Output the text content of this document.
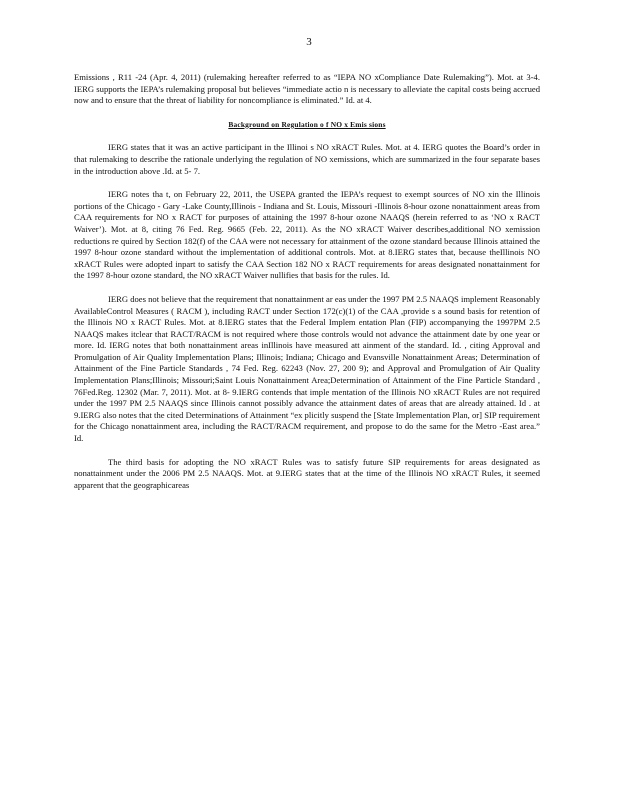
3

Emissions , R11 -24 (Apr. 4, 2011) (rulemaking hereafter referred to as “IEPA NO xCompliance Date Rulemaking”). Mot. at 3-4. IERG supports the IEPA’s rulemaking proposal but believes “immediate actio n is necessary to alleviate the capital costs being accrued now and to ensure that the threat of liability for noncompliance is eliminated.” Id. at 4.

Background on Regulation o f NO x Emis sions

IERG states that it was an active participant in the Illinoi s NO xRACT Rules. Mot. at 4. IERG quotes the Board’s order in that rulemaking to describe the rationale underlying the regulation of NO xemissions, which are summarized in the four separate bases in the introduction above .Id. at 5- 7.

IERG notes tha t, on February 22, 2011, the USEPA granted the IEPA’s request to exempt sources of NO xin the Illinois portions of the Chicago - Gary -Lake County,Illinois - Indiana and St. Louis, Missouri -Illinois 8-hour ozone nonattainment areas from CAA requirements for NO x RACT for purposes of attaining the 1997 8-hour ozone NAAQS (herein referred to as ‘NO x RACT Waiver’). Mot. at 8, citing 76 Fed. Reg. 9665 (Feb. 22, 2011). As the NO xRACT Waiver describes,additional NO xemission reductions re quired by Section 182(f) of the CAA were not necessary for attainment of the ozone standard because Illinois attained the 1997 8-hour ozone standard without the implementation of additional controls. Mot. at 8.IERG states that, because theIllinois NO xRACT Rules were adopted inpart to satisfy the CAA Section 182 NO x RACT requirements for areas designated nonattainment for the 1997 8-hour ozone standard, the NO xRACT Waiver nullifies that basis for the rules. Id.

IERG does not believe that the requirement that nonattainment ar eas under the 1997 PM 2.5 NAAQS implement Reasonably AvailableControl Measures ( RACM ), including RACT under Section 172(c)(1) of the CAA ,provide s a sound basis for retention of the Illinois NO x RACT Rules. Mot. at 8.IERG states that the Federal Implem entation Plan (FIP) accompanying the 1997PM 2.5 NAAQS makes itclear that RACT/RACM is not required where those controls would not advance the attainment date by one year or more. Id. IERG notes that both nonattainment areas inIllinois have measured att ainment of the standard. Id. , citing Approval and Promulgation of Air Quality Implementation Plans; Illinois; Indiana; Chicago and Evansville Nonattainment Areas; Determination of Attainment of the Fine Particle Standards , 74 Fed. Reg. 62243 (Nov. 27, 200 9); and Approval and Promulgation of Air Quality Implementation Plans;Illinois; Missouri;Saint Louis Nonattainment Area;Determination of Attainment of the Fine Particle Standard , 76Fed.Reg. 12302 (Mar. 7, 2011). Mot. at 8- 9.IERG contends that imple mentation of the Illinois NO xRACT Rules are not required under the 1997 PM 2.5 NAAQS since Illinois cannot possibly advance the attainment dates of areas that are already attained. Id . at 9.IERG also notes that the cited Determinations of Attainment “ex plicitly suspend the [State Implementation Plan, or] SIP requirement for the Chicago nonattainment area, including the RACT/RACM requirement, and propose to do the same for the Metro -East area.” Id.

The third basis for adopting the NO xRACT Rules was to satisfy future SIP requirements for areas designated as nonattainment under the 2006 PM 2.5 NAAQS. Mot. at 9.IERG states that at the time of the Illinois NO xRACT Rules, it seemed apparent that the geographicareas
